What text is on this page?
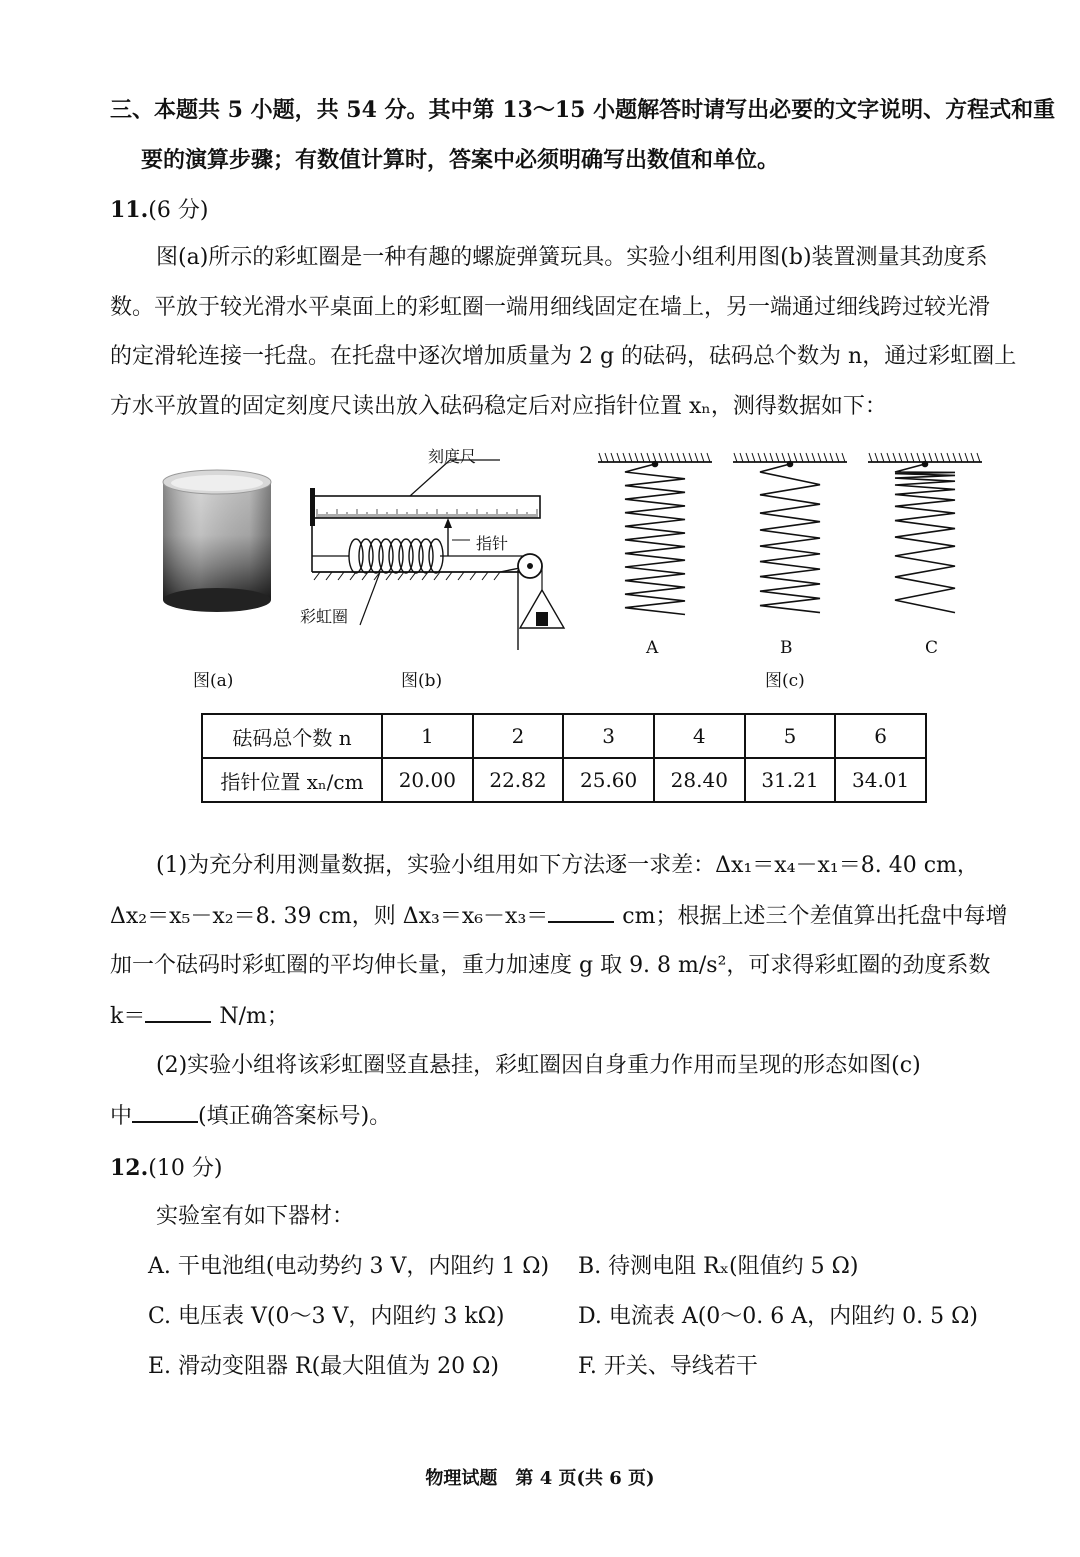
三、本题共 5 小题，共 54 分。其中第 13～15 小题解答时请写出必要的文字说明、方程式和重
要的演算步骤；有数值计算时，答案中必须明确写出数值和单位。
11.(6 分)
图(a)所示的彩虹圈是一种有趣的螺旋弹簧玩具。实验小组利用图(b)装置测量其劲度系
数。平放于较光滑水平桌面上的彩虹圈一端用细线固定在墙上，另一端通过细线跨过较光滑
的定滑轮连接一托盘。在托盘中逐次增加质量为 2 g 的砝码，砝码总个数为 n，通过彩虹圈上
方水平放置的固定刻度尺读出放入砝码稳定后对应指针位置 xₙ，测得数据如下：
刻度尺
指针
彩虹圈
A	B	C
图(a)	图(b)	图(c)
砝码总个数 n	1	2	3	4	5	6
指针位置 xₙ/cm	20.00	22.82	25.60	28.40	31.21	34.01
(1)为充分利用测量数据，实验小组用如下方法逐一求差：Δx₁＝x₄－x₁＝8. 40 cm，
Δx₂＝x₅－x₂＝8. 39 cm，则 Δx₃＝x₆－x₃＝	cm；根据上述三个差值算出托盘中每增
加一个砝码时彩虹圈的平均伸长量，重力加速度 g 取 9. 8 m/s²，可求得彩虹圈的劲度系数
k＝	N/m；
(2)实验小组将该彩虹圈竖直悬挂，彩虹圈因自身重力作用而呈现的形态如图(c)
中	(填正确答案标号)。
12.(10 分)
实验室有如下器材：
A. 干电池组(电动势约 3 V，内阻约 1 Ω) B. 待测电阻 Rₓ(阻值约 5 Ω)
C. 电压表 V(0～3 V，内阻约 3 kΩ)	D. 电流表 A(0～0. 6 A，内阻约 0. 5 Ω)
E. 滑动变阻器 R(最大阻值为 20 Ω)	F. 开关、导线若干
物理试题　第 4 页(共 6 页)
